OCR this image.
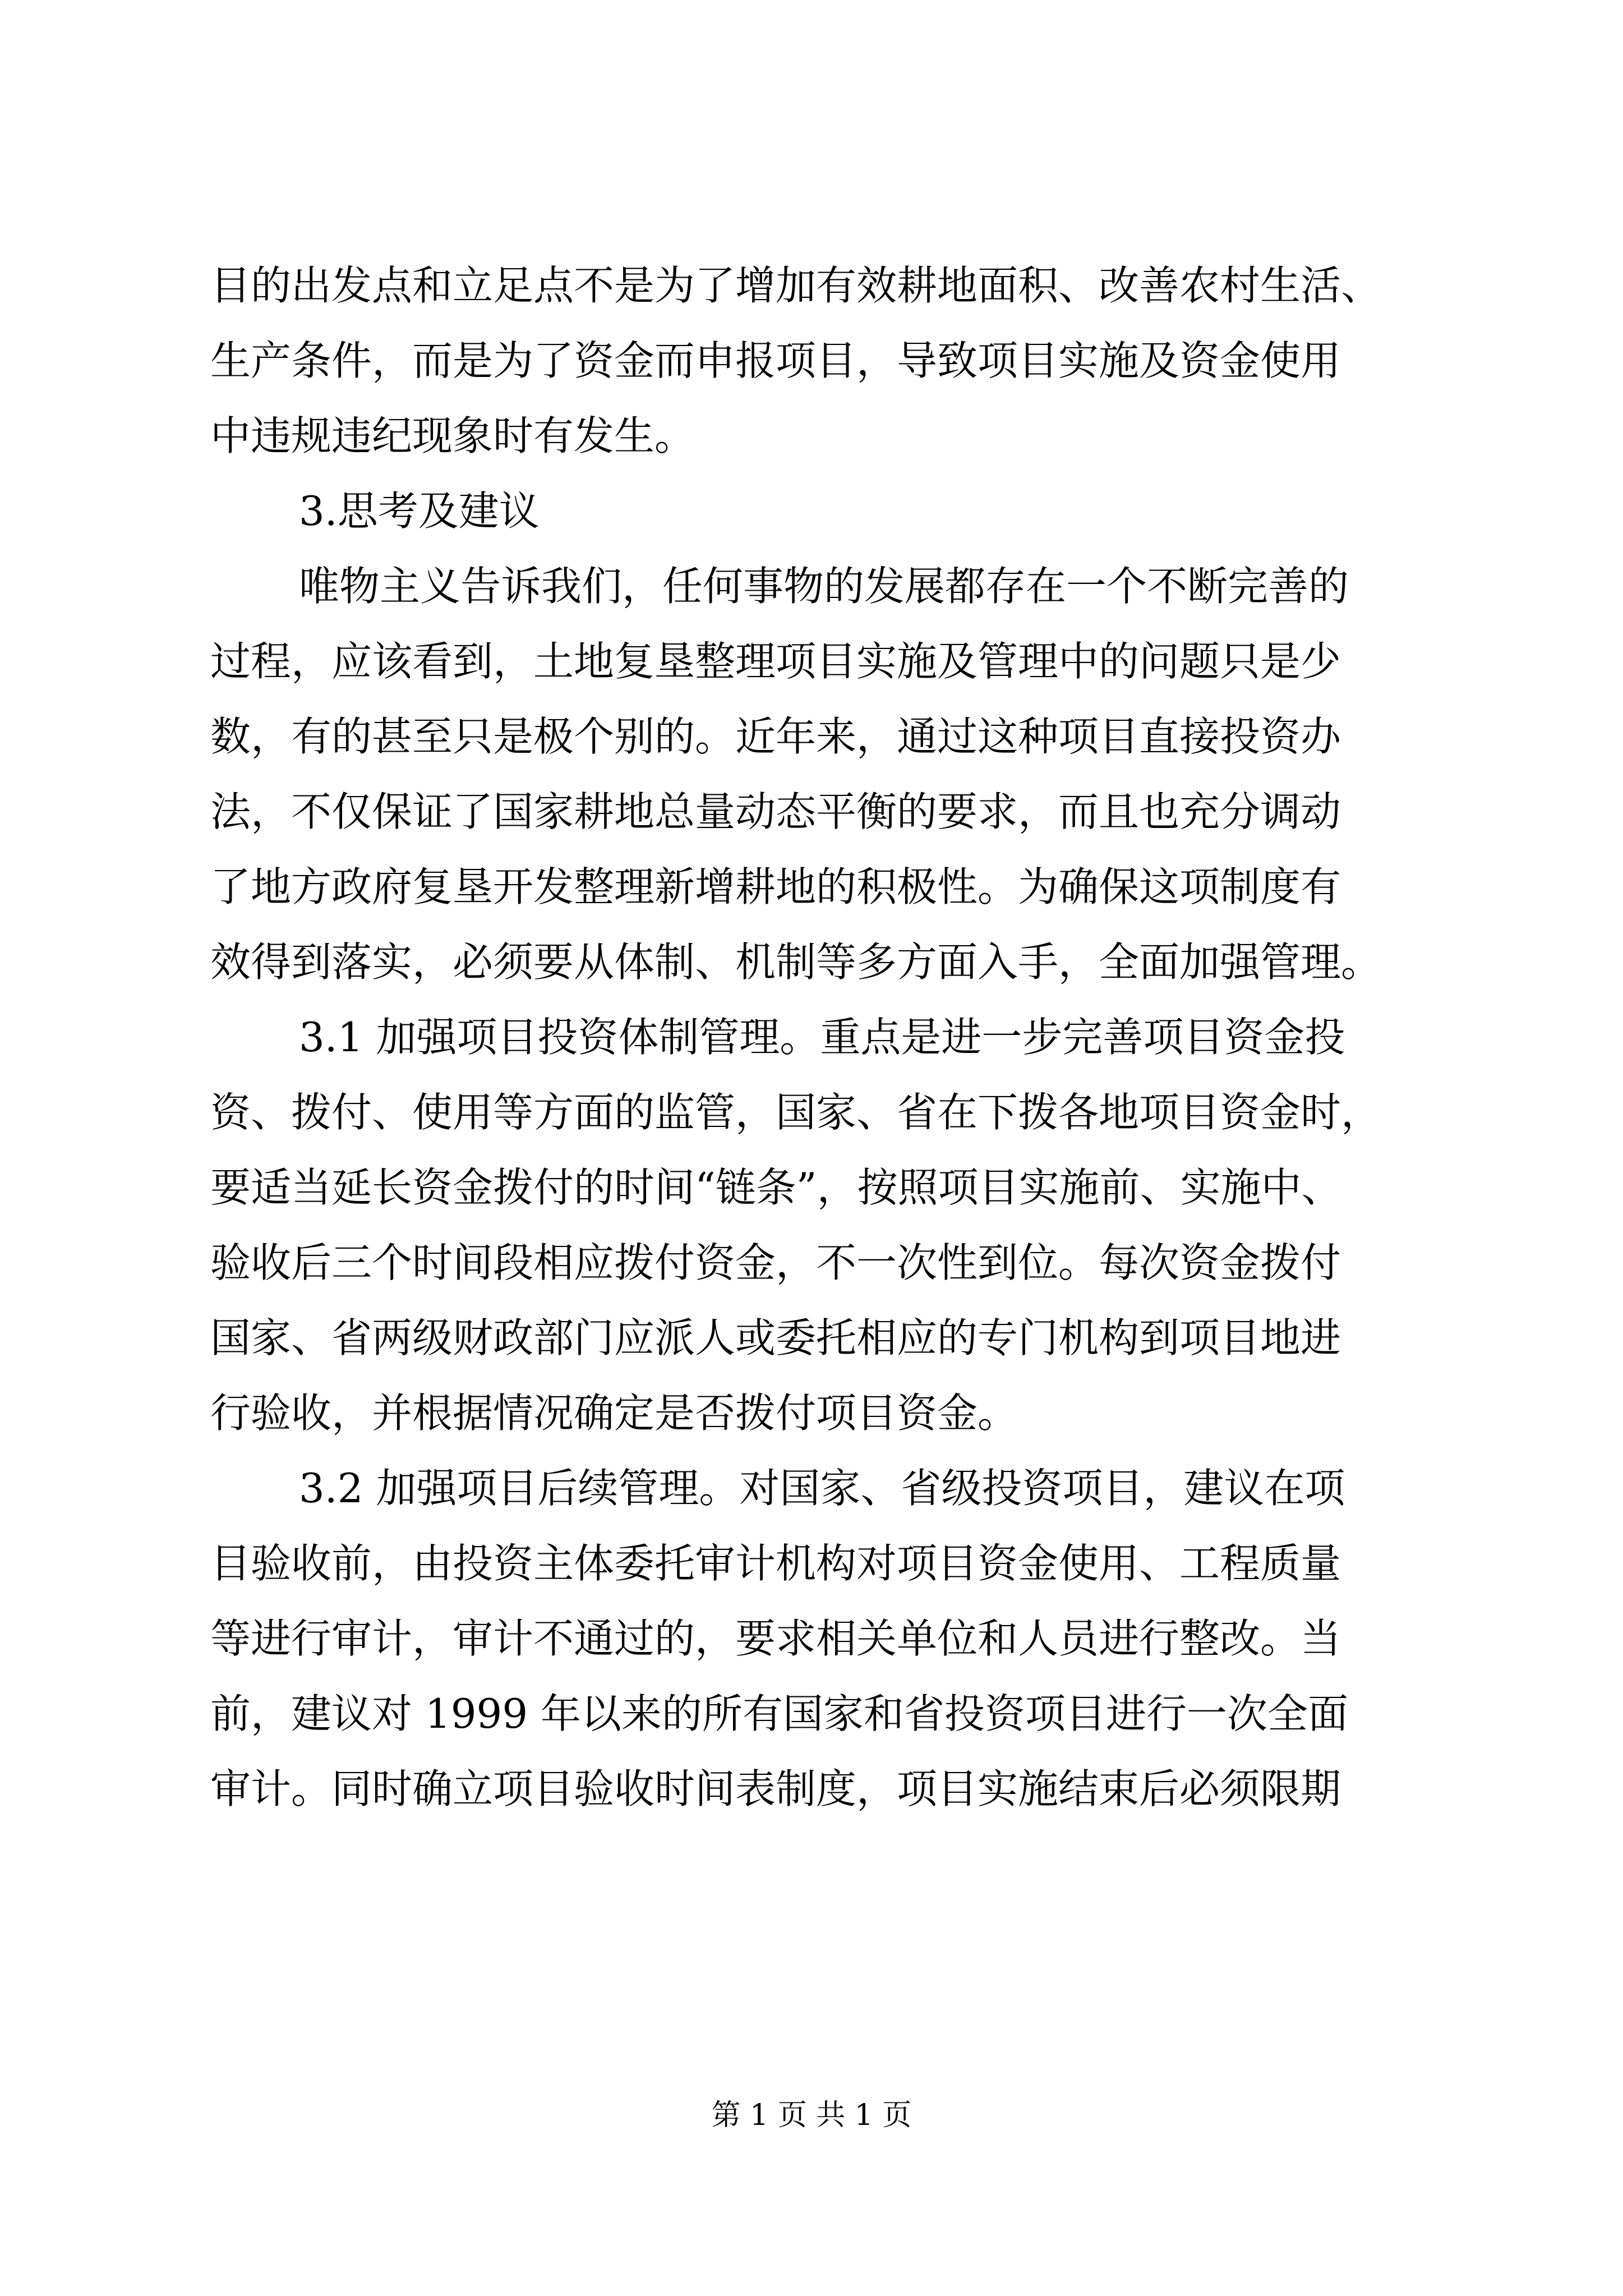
目的出发点和立足点不是为了增加有效耕地面积、改善农村生活、
生产条件，而是为了资金而申报项目，导致项目实施及资金使用
中违规违纪现象时有发生。
3.思考及建议
唯物主义告诉我们，任何事物的发展都存在一个不断完善的
过程，应该看到，土地复垦整理项目实施及管理中的问题只是少
数，有的甚至只是极个别的。近年来，通过这种项目直接投资办
法，不仅保证了国家耕地总量动态平衡的要求，而且也充分调动
了地方政府复垦开发整理新增耕地的积极性。为确保这项制度有
效得到落实，必须要从体制、机制等多方面入手，全面加强管理。
3.1 加强项目投资体制管理。重点是进一步完善项目资金投
资、拨付、使用等方面的监管，国家、省在下拨各地项目资金时，
要适当延长资金拨付的时间“链条”，按照项目实施前、实施中、
验收后三个时间段相应拨付资金，不一次性到位。每次资金拨付
国家、省两级财政部门应派人或委托相应的专门机构到项目地进
行验收，并根据情况确定是否拨付项目资金。
3.2 加强项目后续管理。对国家、省级投资项目，建议在项
目验收前，由投资主体委托审计机构对项目资金使用、工程质量
等进行审计，审计不通过的，要求相关单位和人员进行整改。当
前，建议对 1999 年以来的所有国家和省投资项目进行一次全面
审计。同时确立项目验收时间表制度，项目实施结束后必须限期
第 1 页 共 1 页
